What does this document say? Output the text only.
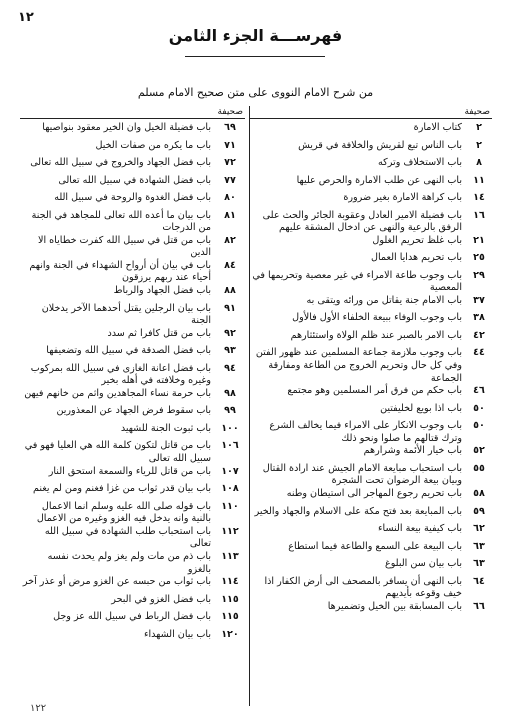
١٢
فهرســـة الجزء الثامن
من شرح الامام النووى على متن صحيح الامام مسلم
صحيفة
٢
كتاب الامارة
٢
باب الناس تبع لقريش والخلافة في قريش
٨
باب الاستخلاف وتركه
١١
باب النهى عن طلب الامارة والحرص عليها
١٤
باب كراهة الامارة بغير ضرورة
١٦
باب فضيلة الامير العادل وعقوبة الجائر والحث على الرفق بالرعية والنهى عن ادخال المشقة عليهم
٢١
باب غلظ تحريم الغلول
٢٥
باب تحريم هدايا العمال
٢٩
باب وجوب طاعة الامراء في غير معصية وتحريمها في المعصية
٣٧
باب الامام جنة يقاتل من ورائه ويتقى به
٣٨
باب وجوب الوفاء ببيعة الخلفاء الأول فالأول
٤٢
باب الامر بالصبر عند ظلم الولاة واستئثارهم
٤٤
باب وجوب ملازمة جماعة المسلمين عند ظهور الفتن وفي كل حال وتحريم الخروج من الطاعة ومفارقة الجماعة
٤٦
باب حكم من فرق أمر المسلمين وهو مجتمع
٥٠
باب اذا بويع لخليفتين
٥٠
باب وجوب الانكار على الامراء فيما يخالف الشرع وترك قتالهم ما صلوا ونحو ذلك
٥٢
باب خيار الأئمة وشرارهم
٥٥
باب استحباب مبايعة الامام الجيش عند ارادة القتال وبيان بيعة الرضوان تحت الشجرة
٥٨
باب تحريم رجوع المهاجر الى استيطان وطنه
٥٩
باب المبايعة بعد فتح مكة على الاسلام والجهاد والخير
٦٢
باب كيفية بيعة النساء
٦٣
باب البيعة على السمع والطاعة فيما استطاع
٦٣
باب بيان سن البلوغ
٦٤
باب النهى أن يسافر بالمصحف الى أرض الكفار اذا خيف وقوعه بأيديهم
٦٦
باب المسابقة بين الخيل وتضميرها
صحيفة
٦٩
باب فضيلة الخيل وان الخير معقود بنواصيها
٧١
باب ما يكره من صفات الخيل
٧٢
باب فضل الجهاد والخروج في سبيل الله تعالى
٧٧
باب فضل الشهادة في سبيل الله تعالى
٨٠
باب فضل الغدوة والروحة في سبيل الله
٨١
باب بيان ما أعده الله تعالى للمجاهد في الجنة من الدرجات
٨٢
باب من قتل في سبيل الله كفرت خطاياه الا الدين
٨٤
باب في بيان أن أرواح الشهداء في الجنة وانهم أحياء عند ربهم يرزقون
٨٨
باب فضل الجهاد والرباط
٩١
باب بيان الرجلين يقتل أحدهما الآخر يدخلان الجنة
٩٢
باب من قتل كافرا ثم سدد
٩٣
باب فضل الصدقة في سبيل الله وتضعيفها
٩٤
باب فضل اعانة الغازى في سبيل الله بمركوب وغيره وخلافته في أهله بخير
٩٨
باب حرمة نساء المجاهدين واثم من خانهم فيهن
٩٩
باب سقوط فرض الجهاد عن المعذورين
١٠٠
باب ثبوت الجنة للشهيد
١٠٦
باب من قاتل لتكون كلمة الله هي العليا فهو في سبيل الله تعالى
١٠٧
باب من قاتل للرياء والسمعة استحق النار
١٠٨
باب بيان قدر ثواب من غزا فغنم ومن لم يغنم
١١٠
باب قوله صلى الله عليه وسلم انما الاعمال بالنية وانه يدخل فيه الغزو وغيره من الاعمال
١١٢
باب استحباب طلب الشهادة في سبيل الله تعالى
١١٣
باب ذم من مات ولم يغز ولم يحدث نفسه بالغزو
١١٤
باب ثواب من حبسه عن الغزو مرض أو عذر آخر
١١٥
باب فضل الغزو في البحر
١١٥
باب فضل الرباط في سبيل الله عز وجل
١٢٠
باب بيان الشهداء
١٢٢
